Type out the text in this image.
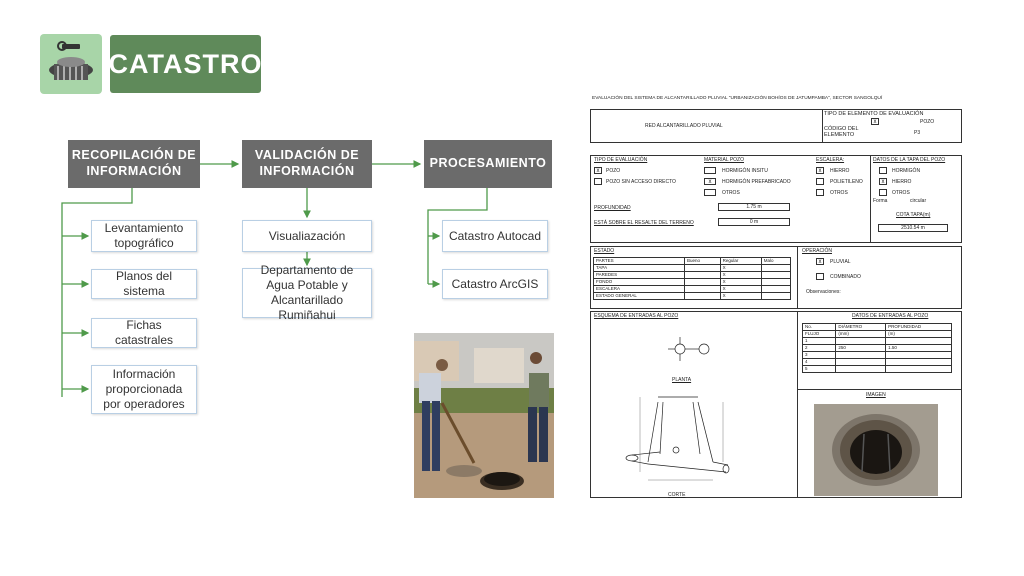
CATASTRO
RECOPILACIÓN DE INFORMACIÓN
VALIDACIÓN DE INFORMACIÓN
PROCESAMIENTO
Levantamiento topográfico
Planos del sistema
Fichas catastrales
Información proporcionada por operadores
Visualiazación
Departamento de Agua Potable y Alcantarillado Rumiñahui
Catastro Autocad
Catastro ArcGIS
EVALUACIÓN DEL SISTEMA DE ALCANTARILLADO PLUVIAL "URBANIZACIÓN BOHÍOS DE JATUMPAMBA", SECTOR SANGOLQUÍ
RED ALCANTARILLADO PLUVIAL
TIPO DE ELEMENTO DE EVALUACIÓN
x	POZO
CÓDIGO DEL ELEMENTO	P3
TIPO DE EVALUACIÓN
x	POZO
POZO SIN ACCESO DIRECTO
MATERIAL POZO
HORMIGÓN INSITU
x	HORMIGÓN PREFABRICADO
OTROS
ESCALERA:
x	HIERRO
POLIETILENO
OTROS
DATOS DE LA TAPA DEL POZO
HORMIGÓN
x	HIERRO
OTROS
Forma	circular
COTA TAPA(m)
2510.54 m
PROFUNDIDAD	1.75 m
ESTÁ SOBRE EL RESALTE DEL TERRENO	0 m
ESTADO
PARTES	Bueno	Regular	Malo
TAPA		X	
PAREDES		X	
FONDO		X	
ESCALERA		X	
ESTADO GENERAL		X	
OPERACIÓN
x	PLUVIAL
COMBINADO
Observaciones:
ESQUEMA DE ENTRADAS AL POZO
PLANTA
CORTE
DATOS DE ENTRADAS AL POZO
No.	DIÁMETRO	PROFUNDIDAD
FLUJO	(mm)	(m)
1		
2	250	1.50
3		
4		
5		
IMAGEN
